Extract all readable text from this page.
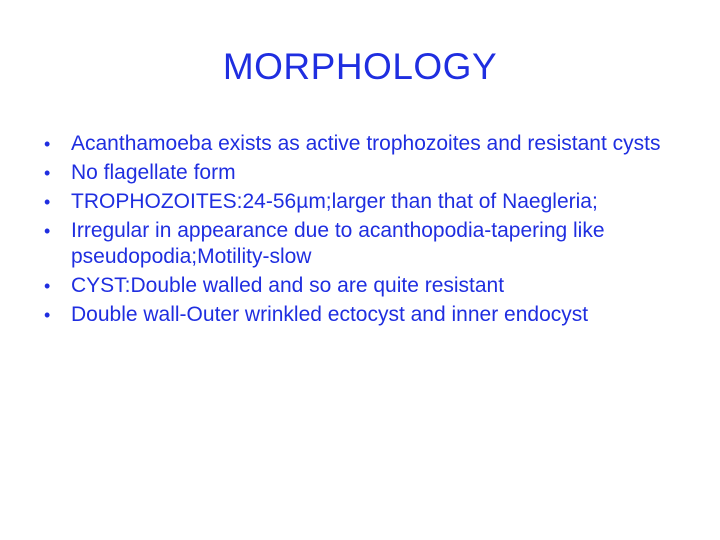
MORPHOLOGY
• Acanthamoeba exists as active trophozoites and resistant cysts
• No flagellate form
• TROPHOZOITES:24-56µm;larger than that of Naegleria;
• Irregular in appearance due to acanthopodia-tapering like pseudopodia;Motility-slow
• CYST:Double walled and so are quite resistant
• Double wall-Outer wrinkled ectocyst and inner endocyst
